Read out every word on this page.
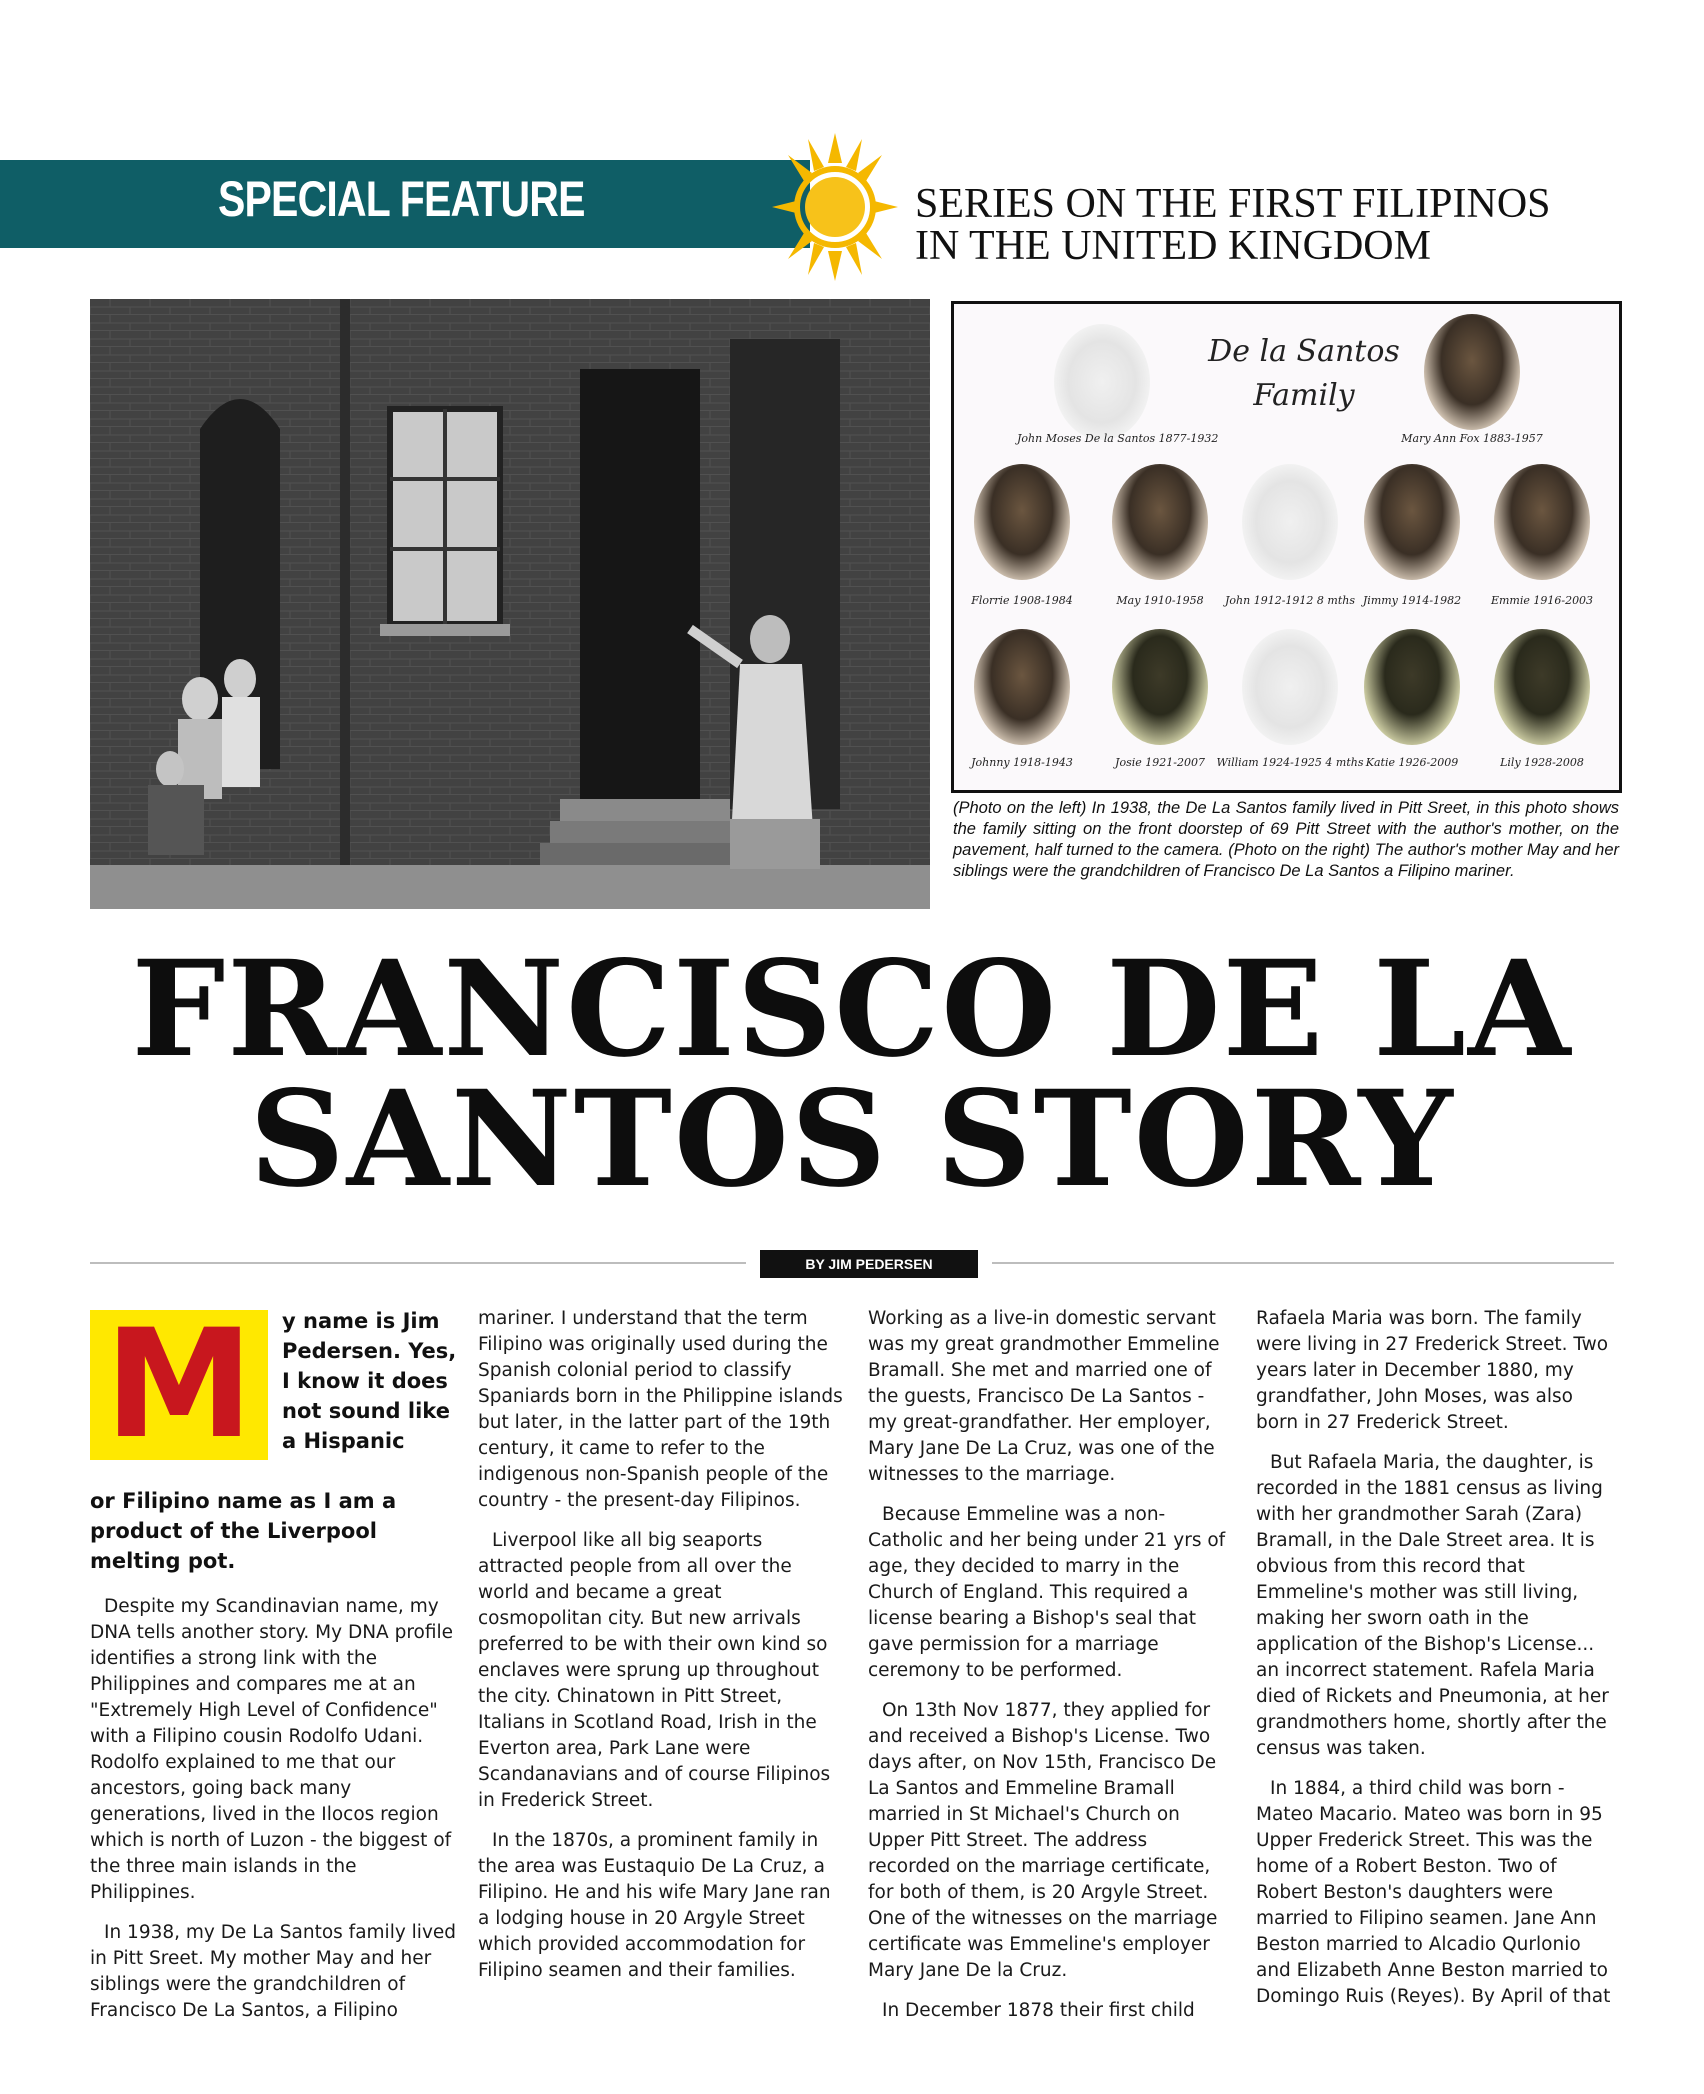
SPECIAL FEATURE	SERIES ON THE FIRST FILIPINOS
IN THE UNITED KINGDOM
De la Santos
Family
John Moses De la Santos 1877-1932	Mary Ann Fox 1883-1957
Florrie 1908-1984	May 1910-1958	John 1912-1912 8 mths Jimmy 1914-1982	Emmie 1916-2003
Johnny 1918-1943	Josie 1921-2007	William 1924-1925 4 mths Katie 1926-2009	Lily 1928-2008
(Photo on the left) In 1938, the De La Santos family lived in Pitt Sreet, in this photo shows the family sitting on the front doorstep of 69 Pitt Street with the author's mother, on the pavement, half turned to the camera. (Photo on the right) The author's mother May and her siblings were the grandchildren of Francisco De La Santos a Filipino mariner.
FRANCISCO DE LA
SANTOS STORY
BY JIM PEDERSEN
M	y name is Jim Pedersen. Yes, I know it does not sound like a Hispanic
or Filipino name as I am a product of the Liverpool melting pot.

Despite my Scandinavian name, my DNA tells another story. My DNA profile identifies a strong link with the Philippines and compares me at an "Extremely High Level of Confidence" with a Filipino cousin Rodolfo Udani. Rodolfo explained to me that our ancestors, going back many generations, lived in the Ilocos region which is north of Luzon - the biggest of the three main islands in the Philippines.

In 1938, my De La Santos family lived in Pitt Sreet. My mother May and her siblings were the grandchildren of Francisco De La Santos, a Filipino

mariner. I understand that the term Filipino was originally used during the Spanish colonial period to classify Spaniards born in the Philippine islands but later, in the latter part of the 19th century, it came to refer to the indigenous non-Spanish people of the country - the present-day Filipinos.

Liverpool like all big seaports attracted people from all over the world and became a great cosmopolitan city. But new arrivals preferred to be with their own kind so enclaves were sprung up throughout the city. Chinatown in Pitt Street, Italians in Scotland Road, Irish in the Everton area, Park Lane were Scandanavians and of course Filipinos in Frederick Street.

In the 1870s, a prominent family in the area was Eustaquio De La Cruz, a Filipino. He and his wife Mary Jane ran a lodging house in 20 Argyle Street which provided accommodation for Filipino seamen and their families.

Working as a live-in domestic servant was my great grandmother Emmeline Bramall. She met and married one of the guests, Francisco De La Santos - my great-grandfather. Her employer, Mary Jane De La Cruz, was one of the witnesses to the marriage.

Because Emmeline was a non-Catholic and her being under 21 yrs of age, they decided to marry in the Church of England. This required a license bearing a Bishop's seal that gave permission for a marriage ceremony to be performed.

On 13th Nov 1877, they applied for and received a Bishop's License. Two days after, on Nov 15th, Francisco De La Santos and Emmeline Bramall married in St Michael's Church on Upper Pitt Street. The address recorded on the marriage certificate, for both of them, is 20 Argyle Street. One of the witnesses on the marriage certificate was Emmeline's employer Mary Jane De la Cruz.

In December 1878 their first child

Rafaela Maria was born. The family were living in 27 Frederick Street. Two years later in December 1880, my grandfather, John Moses, was also born in 27 Frederick Street.

But Rafaela Maria, the daughter, is recorded in the 1881 census as living with her grandmother Sarah (Zara) Bramall, in the Dale Street area. It is obvious from this record that Emmeline's mother was still living, making her sworn oath in the application of the Bishop's License... an incorrect statement. Rafela Maria died of Rickets and Pneumonia, at her grandmothers home, shortly after the census was taken.

In 1884, a third child was born - Mateo Macario. Mateo was born in 95 Upper Frederick Street. This was the home of a Robert Beston. Two of Robert Beston's daughters were married to Filipino seamen. Jane Ann Beston married to Alcadio Qurlonio and Elizabeth Anne Beston married to Domingo Ruis (Reyes). By April of that
